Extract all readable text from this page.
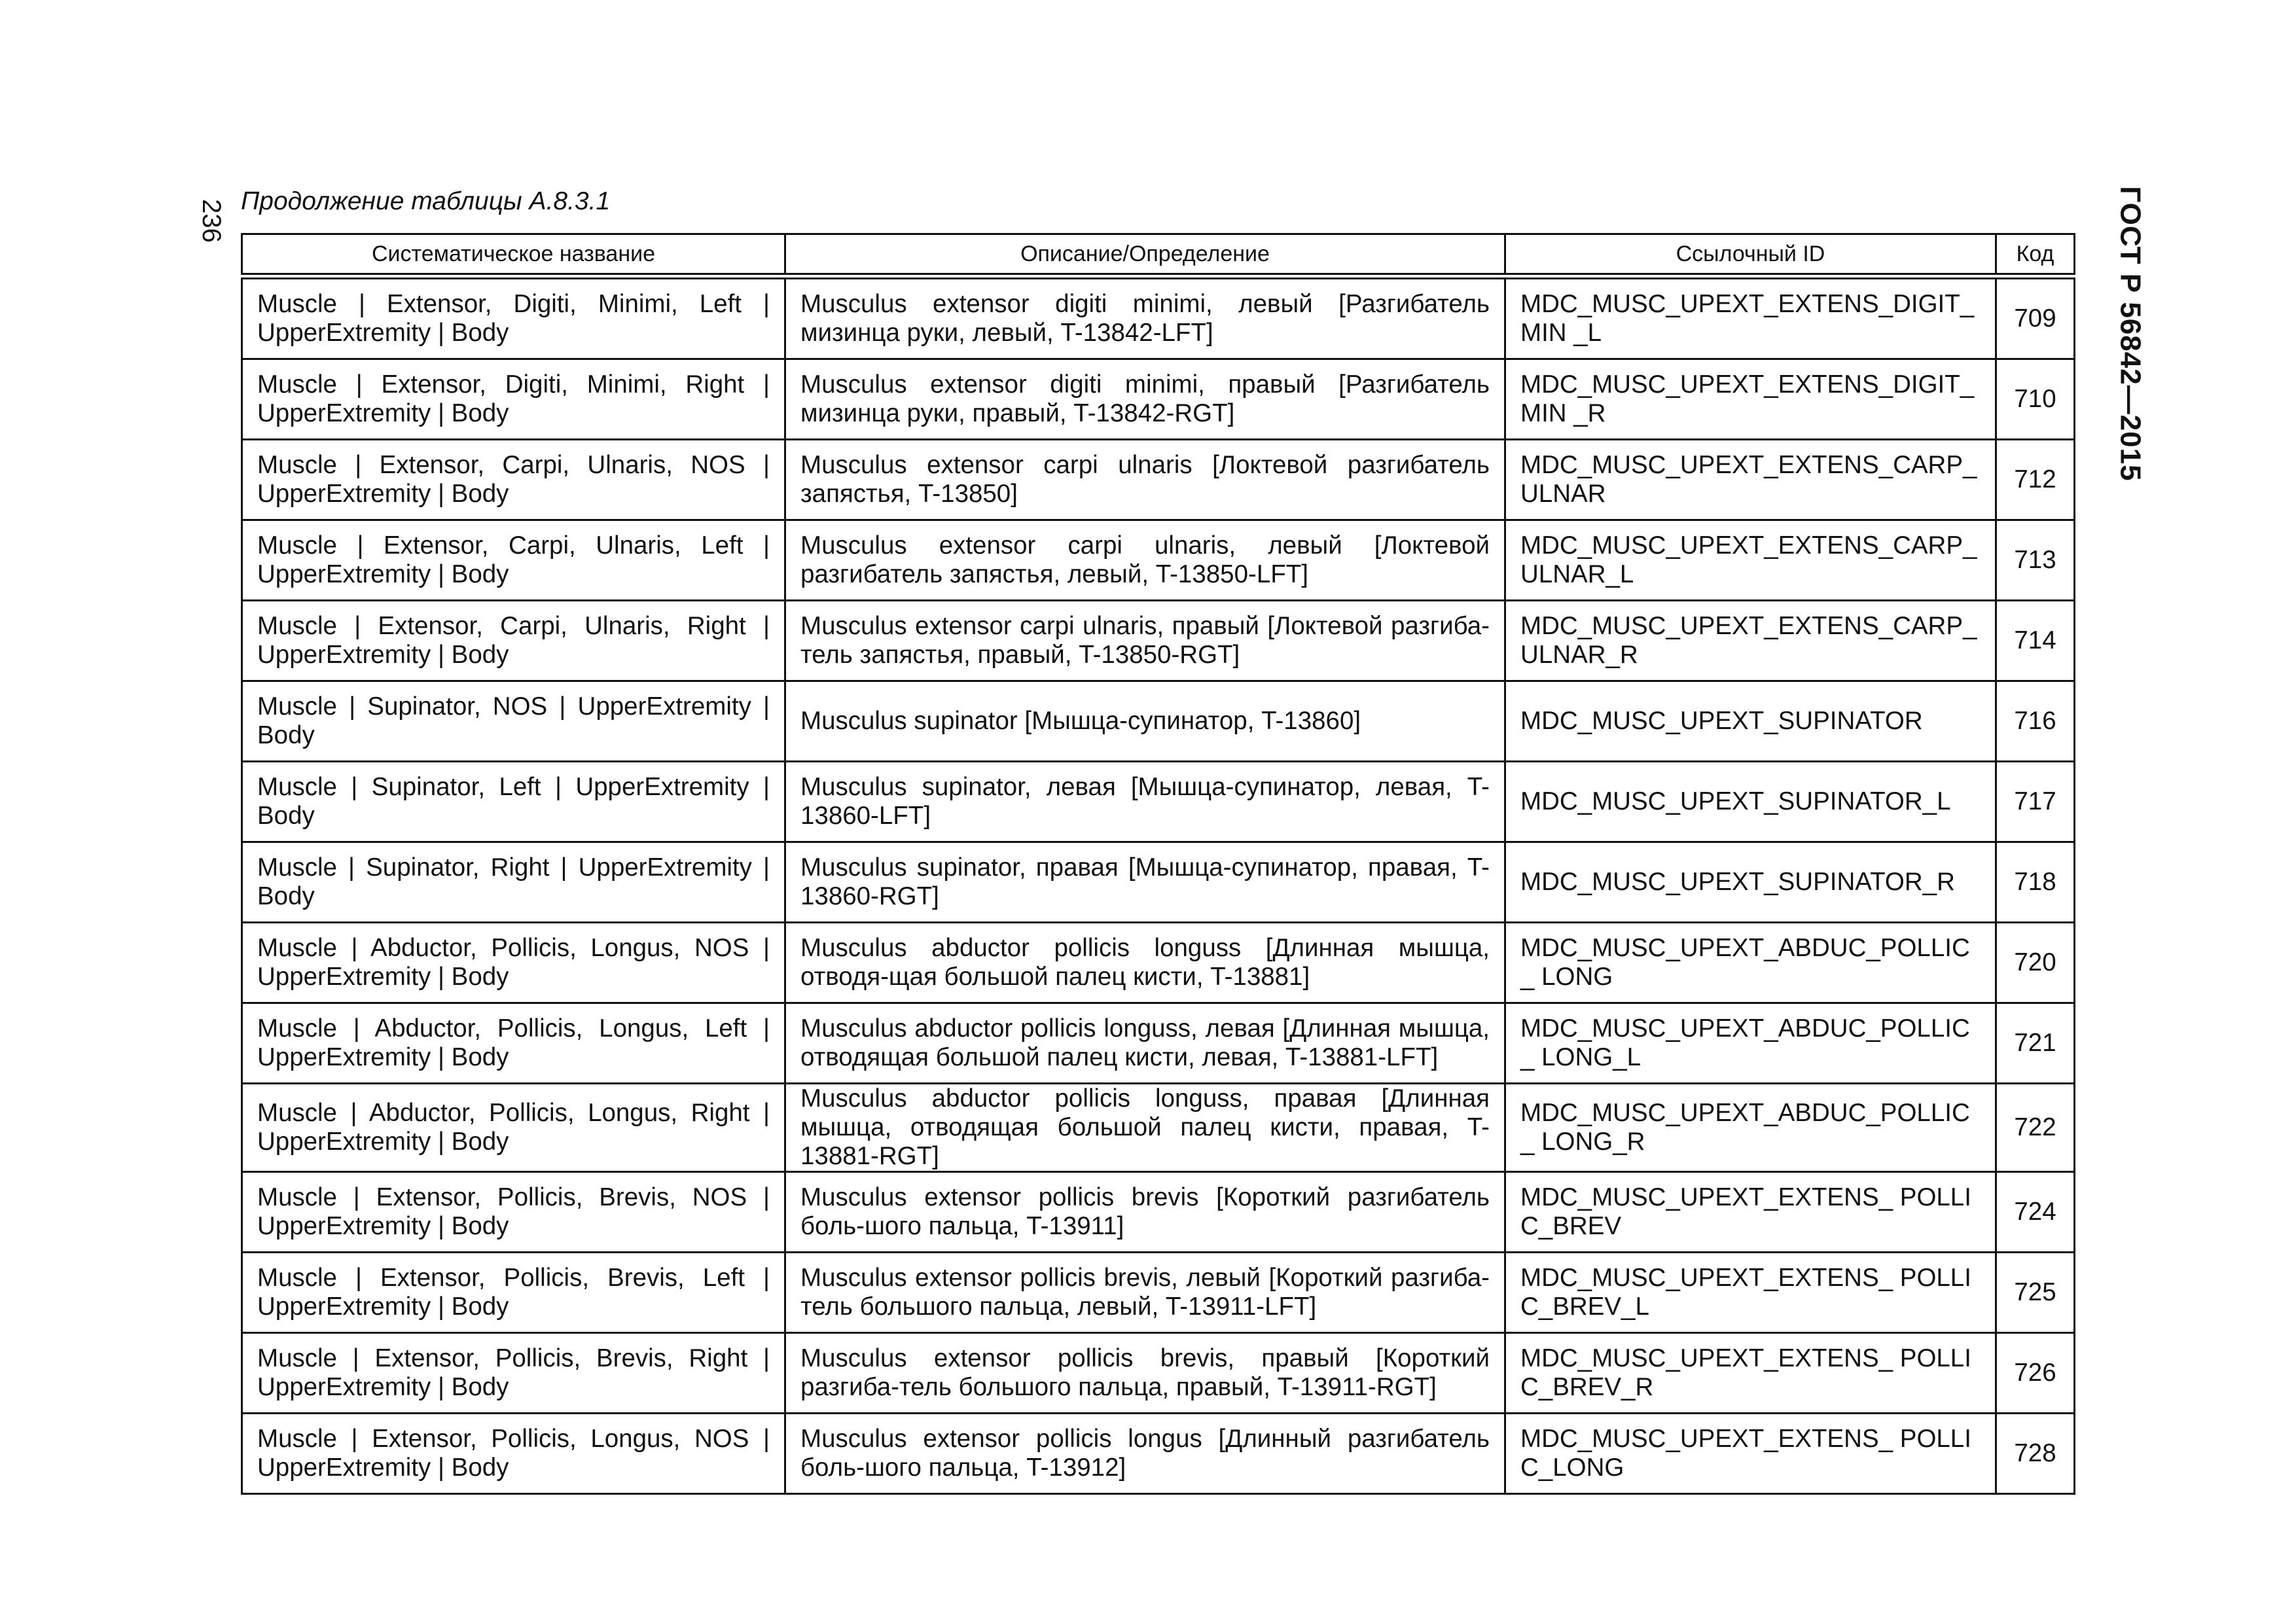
236	ГОСТ Р 56842—2015
Продолжение таблицы А.8.3.1
Систематическое название	Описание/Определение	Ссылочный ID	Код
Muscle | Extensor, Digiti, Minimi, Left | UpperExtremity | Body	Musculus extensor digiti minimi, левый [Разгибатель мизинца руки, левый, T-13842-LFT]	MDC_MUSC_UPEXT_EXTENS_DIGIT_ MIN _L	709
Muscle | Extensor, Digiti, Minimi, Right | UpperExtremity | Body	Musculus extensor digiti minimi, правый [Разгибатель мизинца руки, правый, T-13842-RGT]	MDC_MUSC_UPEXT_EXTENS_DIGIT_ MIN _R	710
Muscle | Extensor, Carpi, Ulnaris, NOS | UpperExtremity | Body	Musculus extensor carpi ulnaris [Локтевой разгибатель запястья, T-13850]	MDC_MUSC_UPEXT_EXTENS_CARP_ ULNAR	712
Muscle | Extensor, Carpi, Ulnaris, Left | UpperExtremity | Body	Musculus extensor carpi ulnaris, левый [Локтевой разгибатель запястья, левый, T-13850-LFT]	MDC_MUSC_UPEXT_EXTENS_CARP_ ULNAR_L	713
Muscle | Extensor, Carpi, Ulnaris, Right | UpperExtremity | Body	Musculus extensor carpi ulnaris, правый [Локтевой разгиба-тель запястья, правый, T-13850-RGT]	MDC_MUSC_UPEXT_EXTENS_CARP_ ULNAR_R	714
Muscle | Supinator, NOS | UpperExtremity | Body	Musculus supinator [Мышца-супинатор, T-13860]	MDC_MUSC_UPEXT_SUPINATOR	716
Muscle | Supinator, Left | UpperExtremity | Body	Musculus supinator, левая [Мышца-супинатор, левая, T-13860-LFT]	MDC_MUSC_UPEXT_SUPINATOR_L	717
Muscle | Supinator, Right | UpperExtremity | Body	Musculus supinator, правая [Мышца-супинатор, правая, T-13860-RGT]	MDC_MUSC_UPEXT_SUPINATOR_R	718
Muscle | Abductor, Pollicis, Longus, NOS | UpperExtremity | Body	Musculus abductor pollicis longuss [Длинная мышца, отводя-щая большой палец кисти, T-13881]	MDC_MUSC_UPEXT_ABDUC_POLLIC_ LONG	720
Muscle | Abductor, Pollicis, Longus, Left | UpperExtremity | Body	Musculus abductor pollicis longuss, левая [Длинная мышца, отводящая большой палец кисти, левая, T-13881-LFT]	MDC_MUSC_UPEXT_ABDUC_POLLIC_ LONG_L	721
Muscle | Abductor, Pollicis, Longus, Right | UpperExtremity | Body	Musculus abductor pollicis longuss, правая [Длинная мышца, отводящая большой палец кисти, правая, T-13881-RGT]	MDC_MUSC_UPEXT_ABDUC_POLLIC_ LONG_R	722
Muscle | Extensor, Pollicis, Brevis, NOS | UpperExtremity | Body	Musculus extensor pollicis brevis [Короткий разгибатель боль-шого пальца, T-13911]	MDC_MUSC_UPEXT_EXTENS_ POLLIC_BREV	724
Muscle | Extensor, Pollicis, Brevis, Left | UpperExtremity | Body	Musculus extensor pollicis brevis, левый [Короткий разгиба-тель большого пальца, левый, T-13911-LFT]	MDC_MUSC_UPEXT_EXTENS_ POLLIC_BREV_L	725
Muscle | Extensor, Pollicis, Brevis, Right | UpperExtremity | Body	Musculus extensor pollicis brevis, правый [Короткий разгиба-тель большого пальца, правый, T-13911-RGT]	MDC_MUSC_UPEXT_EXTENS_ POLLIC_BREV_R	726
Muscle | Extensor, Pollicis, Longus, NOS | UpperExtremity | Body	Musculus extensor pollicis longus [Длинный разгибатель боль-шого пальца, T-13912]	MDC_MUSC_UPEXT_EXTENS_ POLLIC_LONG	728
